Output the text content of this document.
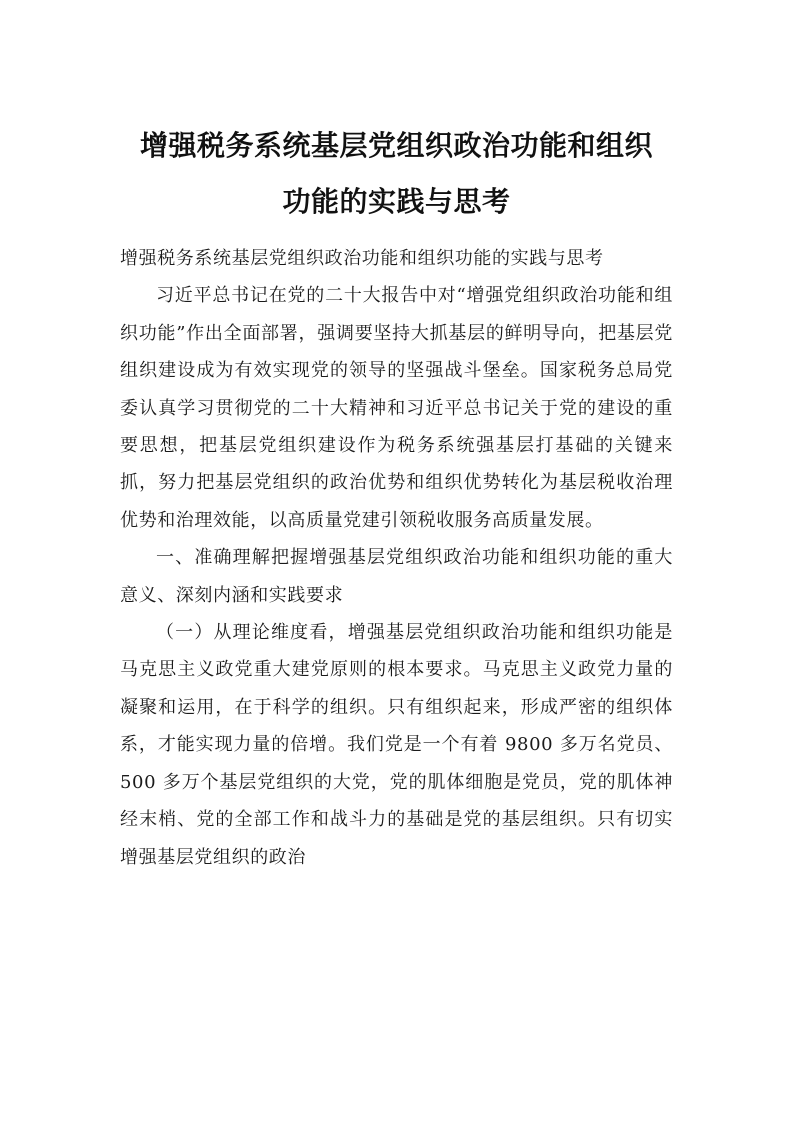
增强税务系统基层党组织政治功能和组织
功能的实践与思考

增强税务系统基层党组织政治功能和组织功能的实践与思考

习近平总书记在党的二十大报告中对“增强党组织政治功能和组织功能”作出全面部署，强调要坚持大抓基层的鲜明导向，把基层党组织建设成为有效实现党的领导的坚强战斗堡垒。国家税务总局党委认真学习贯彻党的二十大精神和习近平总书记关于党的建设的重要思想，把基层党组织建设作为税务系统强基层打基础的关键来抓，努力把基层党组织的政治优势和组织优势转化为基层税收治理优势和治理效能，以高质量党建引领税收服务高质量发展。

一、准确理解把握增强基层党组织政治功能和组织功能的重大意义、深刻内涵和实践要求

（一）从理论维度看，增强基层党组织政治功能和组织功能是马克思主义政党重大建党原则的根本要求。马克思主义政党力量的凝聚和运用，在于科学的组织。只有组织起来，形成严密的组织体系，才能实现力量的倍增。我们党是一个有着 9800 多万名党员、500 多万个基层党组织的大党，党的肌体细胞是党员，党的肌体神经末梢、党的全部工作和战斗力的基础是党的基层组织。只有切实增强基层党组织的政治
